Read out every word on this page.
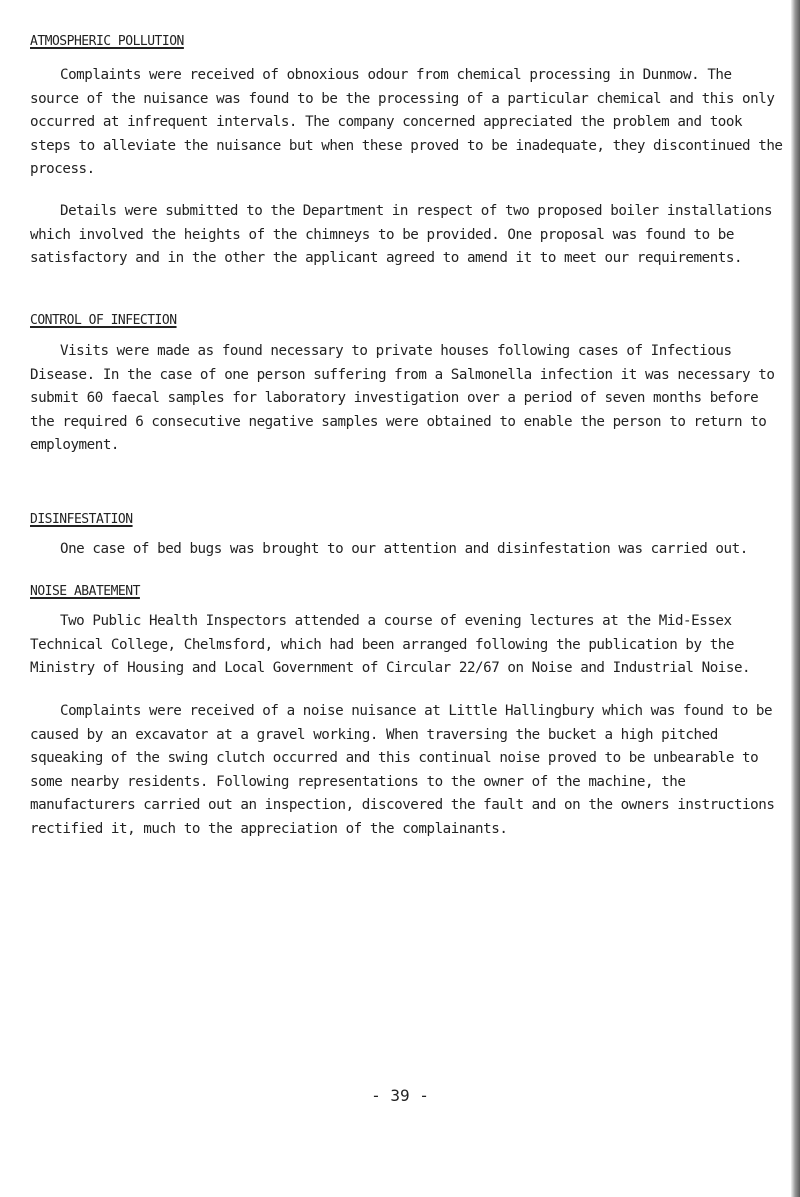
ATMOSPHERIC POLLUTION

Complaints were received of obnoxious odour from chemical processing in Dunmow. The source of the nuisance was found to be the processing of a particular chemical and this only occurred at infrequent intervals. The company concerned appreciated the problem and took steps to alleviate the nuisance but when these proved to be inadequate, they discontinued the process.

Details were submitted to the Department in respect of two proposed boiler installations which involved the heights of the chimneys to be provided. One proposal was found to be satisfactory and in the other the applicant agreed to amend it to meet our requirements.

CONTROL OF INFECTION

Visits were made as found necessary to private houses following cases of Infectious Disease. In the case of one person suffering from a Salmonella infection it was necessary to submit 60 faecal samples for laboratory investigation over a period of seven months before the required 6 consecutive negative samples were obtained to enable the person to return to employment.

DISINFESTATION

One case of bed bugs was brought to our attention and disinfestation was carried out.

NOISE ABATEMENT

Two Public Health Inspectors attended a course of evening lectures at the Mid-Essex Technical College, Chelmsford, which had been arranged following the publication by the Ministry of Housing and Local Government of Circular 22/67 on Noise and Industrial Noise.

Complaints were received of a noise nuisance at Little Hallingbury which was found to be caused by an excavator at a gravel working. When traversing the bucket a high pitched squeaking of the swing clutch occurred and this continual noise proved to be unbearable to some nearby residents. Following representations to the owner of the machine, the manufacturers carried out an inspection, discovered the fault and on the owners instructions rectified it, much to the appreciation of the complainants.

- 39 -
